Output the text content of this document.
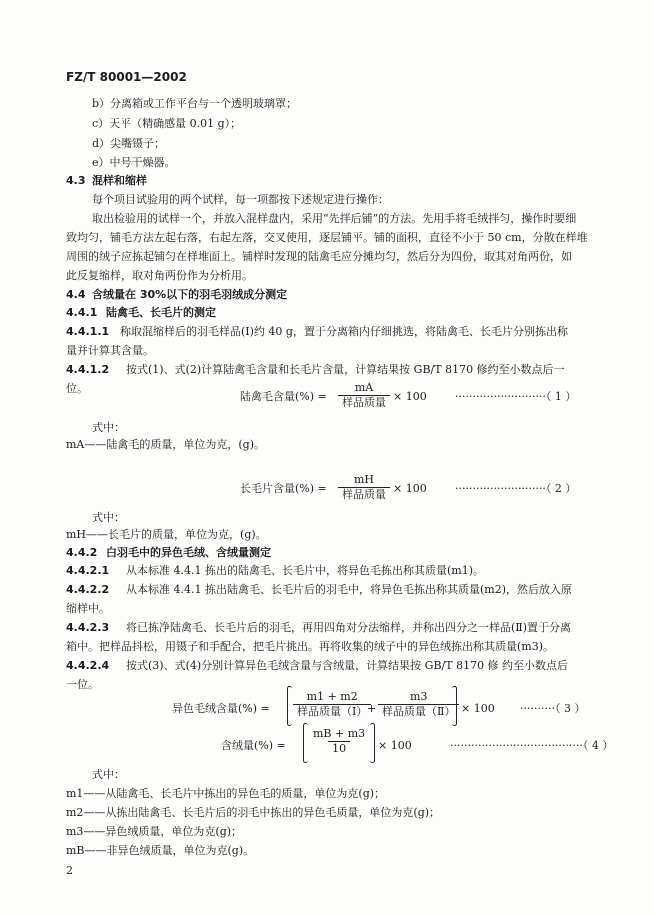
FZ/T 80001—2002
b）分离箱或工作平台与一个透明玻璃罩；
c）天平（精确感量 0.01 g）；
d）尖嘴镊子；
e）中号干燥器。
4.3 混样和缩样
每个项目试验用的两个试样，每一项都按下述规定进行操作：
取出检验用的试样一个，并放入混样盘内，采用“先拌后铺”的方法。先用手将毛绒拌匀，操作时要细
致均匀，铺毛方法左起右落，右起左落，交叉使用，逐层铺平。铺的面积，直径不小于 50 cm，分散在样堆
周围的绒子应拣起铺匀在样堆面上。铺样时发现的陆禽毛应分摊均匀，然后分为四份，取其对角两份，如
此反复缩样，取对角两份作为分析用。
4.4 含绒量在 30%以下的羽毛羽绒成分测定
4.4.1 陆禽毛、长毛片的测定
4.4.1.1 称取混缩样后的羽毛样品(Ⅰ)约 40 g，置于分离箱内仔细挑选，将陆禽毛、长毛片分别拣出称
量并计算其含量。
4.4.1.2 按式(1)、式(2)计算陆禽毛含量和长毛片含量，计算结果按 GB/T 8170 修约至小数点后一
位。
陆禽毛含量(%) =
mA
样品质量 × 100	··························（ 1 ）
式中：
mA——陆禽毛的质量，单位为克，(g)。
长毛片含量(%) =
mH
样品质量 × 100	··························（ 2 ）
式中：
mH——长毛片的质量，单位为克，(g)。
4.4.2 白羽毛中的异色毛绒、含绒量测定
4.4.2.1 从本标准 4.4.1 拣出的陆禽毛、长毛片中，将异色毛拣出称其质量(m1)。
4.4.2.2 从本标准 4.4.1 拣出陆禽毛、长毛片后的羽毛中，将异色毛拣出称其质量(m2)，然后放入原
缩样中。
4.4.2.3 将已拣净陆禽毛、长毛片后的羽毛，再用四角对分法缩样，并称出四分之一样品(Ⅱ)置于分离
箱中。把样品抖松，用镊子和手配合，把毛片挑出。再将收集的绒子中的异色绒拣出称其质量(m3)。
4.4.2.4 按式(3)、式(4)分别计算异色毛绒含量与含绒量，计算结果按 GB/T 8170 修 约至小数点后
一位。
异色毛绒含量(%) =
m1 + m2
样品质量（Ⅰ） +
m3
样品质量（Ⅱ） × 100 ··········（ 3 ）
含绒量(%) = $\frac{mB + m3}{10} \times 100$	······································（ 4 ）
式中：
m1——从陆禽毛、长毛片中拣出的异色毛的质量，单位为克(g)；
m2——从拣出陆禽毛、长毛片后的羽毛中拣出的异色毛质量，单位为克(g)；
m3——异色绒质量，单位为克(g)；
mB——非异色绒质量，单位为克(g)。
2
